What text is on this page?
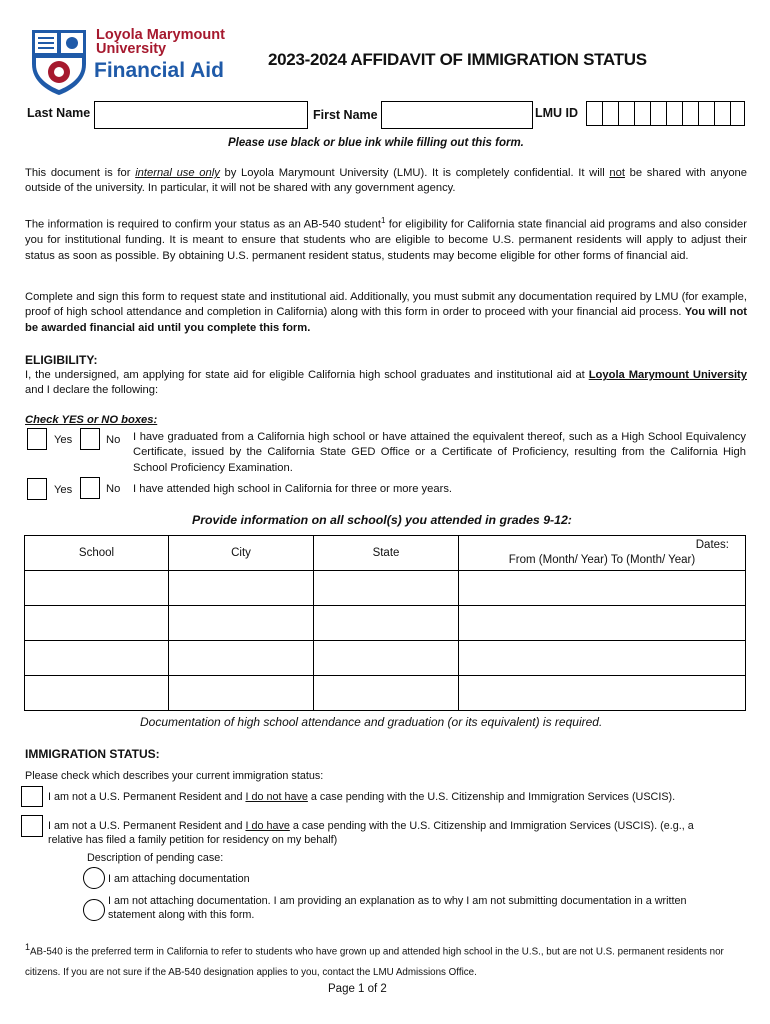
Loyola Marymount
University
Financial Aid	2023-2024 AFFIDAVIT OF IMMIGRATION STATUS
Last Name	First Name	LMU ID
Please use black or blue ink while filling out this form.
This document is for internal use only by Loyola Marymount University (LMU). It is completely confidential. It will not be shared with anyone outside of the university. In particular, it will not be shared with any government agency.
The information is required to confirm your status as an AB-540 student$^1$ for eligibility for California state financial aid programs and also consider you for institutional funding. It is meant to ensure that students who are eligible to become U.S. permanent residents will apply to adjust their status as soon as possible. By obtaining U.S. permanent resident status, students may become eligible for other forms of financial aid.
Complete and sign this form to request state and institutional aid. Additionally, you must submit any documentation required by LMU (for example, proof of high school attendance and completion in California) along with this form in order to proceed with your financial aid process. You will not be awarded financial aid until you complete this form.
ELIGIBILITY:
I, the undersigned, am applying for state aid for eligible California high school graduates and institutional aid at Loyola Marymount University and I declare the following:
Check YES or NO boxes:
Yes	No I have graduated from a California high school or have attained the equivalent thereof, such as a High School Equivalency Certificate, issued by the California State GED Office or a Certificate of Proficiency, resulting from the California High School Proficiency Examination.
Yes	No I have attended high school in California for three or more years.
Provide information on all school(s) you attended in grades 9-12:
School	City	State	Dates:
From (Month/ Year) To (Month/ Year)

Documentation of high school attendance and graduation (or its equivalent) is required.
IMMIGRATION STATUS:
Please check which describes your current immigration status:
I am not a U.S. Permanent Resident and I do not have a case pending with the U.S. Citizenship and Immigration Services (USCIS).
I am not a U.S. Permanent Resident and I do have a case pending with the U.S. Citizenship and Immigration Services (USCIS). (e.g., a relative has filed a family petition for residency on my behalf)
Description of pending case:
I am attaching documentation
I am not attaching documentation. I am providing an explanation as to why I am not submitting documentation in a written statement along with this form.
$^1$AB-540 is the preferred term in California to refer to students who have grown up and attended high school in the U.S., but are not U.S. permanent residents nor citizens. If you are not sure if the AB-540 designation applies to you, contact the LMU Admissions Office.
Page 1 of 2
